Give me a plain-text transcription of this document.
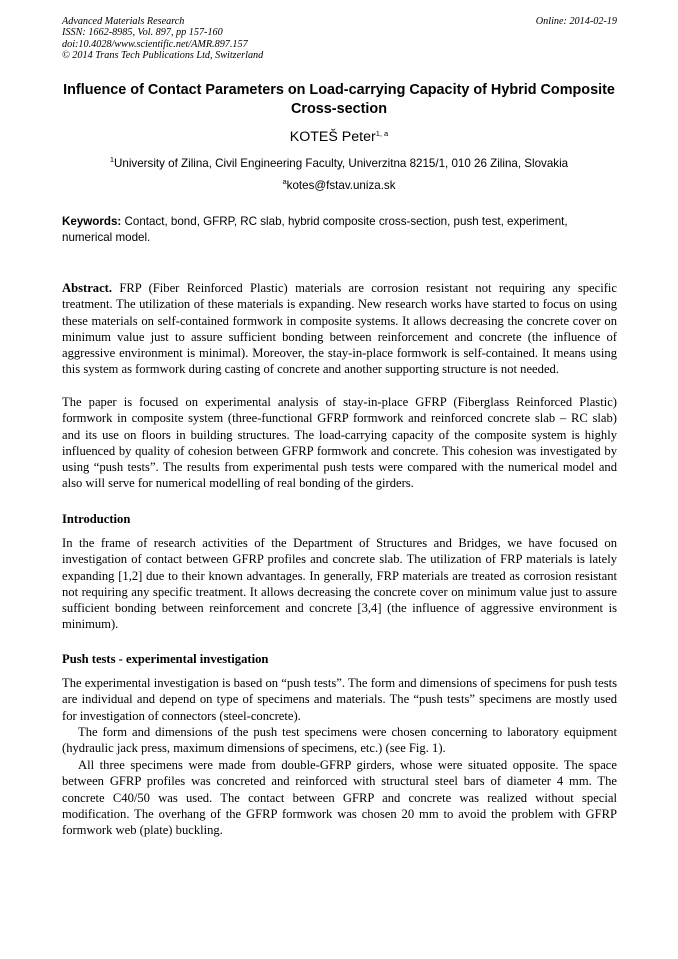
Advanced Materials Research
ISSN: 1662-8985, Vol. 897, pp 157-160
doi:10.4028/www.scientific.net/AMR.897.157
© 2014 Trans Tech Publications Ltd, Switzerland
Online: 2014-02-19
Influence of Contact Parameters on Load-carrying Capacity of Hybrid Composite Cross-section
KOTEŠ Peter$^{1, a}$
$^1$University of Zilina, Civil Engineering Faculty, Univerzitna 8215/1, 010 26 Zilina, Slovakia
$^a$kotes@fstav.uniza.sk
Keywords: Contact, bond, GFRP, RC slab, hybrid composite cross-section, push test, experiment, numerical model.

Abstract. FRP (Fiber Reinforced Plastic) materials are corrosion resistant not requiring any specific treatment. The utilization of these materials is expanding. New research works have started to focus on using these materials on self-contained formwork in composite systems. It allows decreasing the concrete cover on minimum value just to assure sufficient bonding between reinforcement and concrete (the influence of aggressive environment is minimal). Moreover, the stay-in-place formwork is self-contained. It means using this system as formwork during casting of concrete and another supporting structure is not needed.

The paper is focused on experimental analysis of stay-in-place GFRP (Fiberglass Reinforced Plastic) formwork in composite system (three-functional GFRP formwork and reinforced concrete slab – RC slab) and its use on floors in building structures. The load-carrying capacity of the composite system is highly influenced by quality of cohesion between GFRP formwork and concrete. This cohesion was investigated by using “push tests”. The results from experimental push tests were compared with the numerical model and also will serve for numerical modelling of real bonding of the girders.

Introduction

In the frame of research activities of the Department of Structures and Bridges, we have focused on investigation of contact between GFRP profiles and concrete slab. The utilization of FRP materials is lately expanding [1,2] due to their known advantages. In generally, FRP materials are treated as corrosion resistant not requiring any specific treatment. It allows decreasing the concrete cover on minimum value just to assure sufficient bonding between reinforcement and concrete [3,4] (the influence of aggressive environment is minimum).

Push tests - experimental investigation

The experimental investigation is based on “push tests”. The form and dimensions of specimens for push tests are individual and depend on type of specimens and materials. The “push tests” specimens are mostly used for investigation of connectors (steel-concrete).

The form and dimensions of the push test specimens were chosen concerning to laboratory equipment (hydraulic jack press, maximum dimensions of specimens, etc.) (see Fig. 1).

All three specimens were made from double-GFRP girders, whose were situated opposite. The space between GFRP profiles was concreted and reinforced with structural steel bars of diameter 4 mm. The concrete C40/50 was used. The contact between GFRP and concrete was realized without special modification. The overhang of the GFRP formwork was chosen 20 mm to avoid the problem with GFRP formwork web (plate) buckling.
